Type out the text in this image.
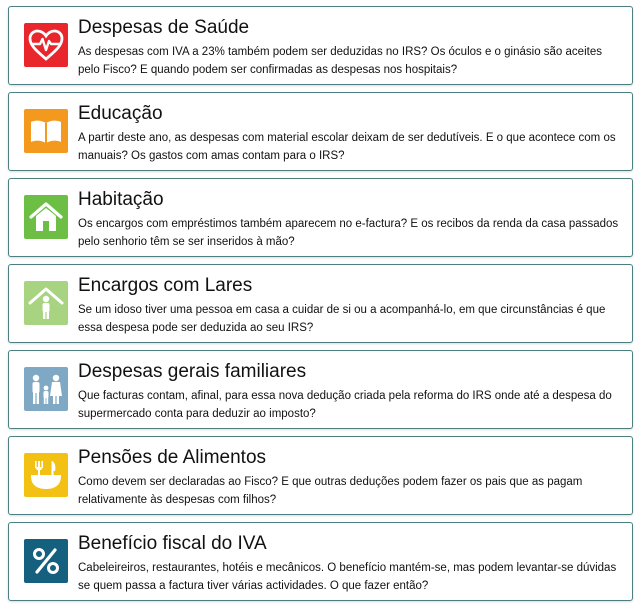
Despesas de Saúde
As despesas com IVA a 23% também podem ser deduzidas no IRS? Os óculos e o ginásio são aceites pelo Fisco? E quando podem ser confirmadas as despesas nos hospitais?
Educação
A partir deste ano, as despesas com material escolar deixam de ser dedutíveis. E o que acontece com os manuais? Os gastos com amas contam para o IRS?
Habitação
Os encargos com empréstimos também aparecem no e-factura? E os recibos da renda da casa passados pelo senhorio têm se ser inseridos à mão?
Encargos com Lares
Se um idoso tiver uma pessoa em casa a cuidar de si ou a acompanhá-lo, em que circunstâncias é que essa despesa pode ser deduzida ao seu IRS?
Despesas gerais familiares
Que facturas contam, afinal, para essa nova dedução criada pela reforma do IRS onde até a despesa do supermercado conta para deduzir ao imposto?
Pensões de Alimentos
Como devem ser declaradas ao Fisco? E que outras deduções podem fazer os pais que as pagam relativamente às despesas com filhos?
Benefício fiscal do IVA
Cabeleireiros, restaurantes, hotéis e mecânicos. O benefício mantém-se, mas podem levantar-se dúvidas se quem passa a factura tiver várias actividades. O que fazer então?
